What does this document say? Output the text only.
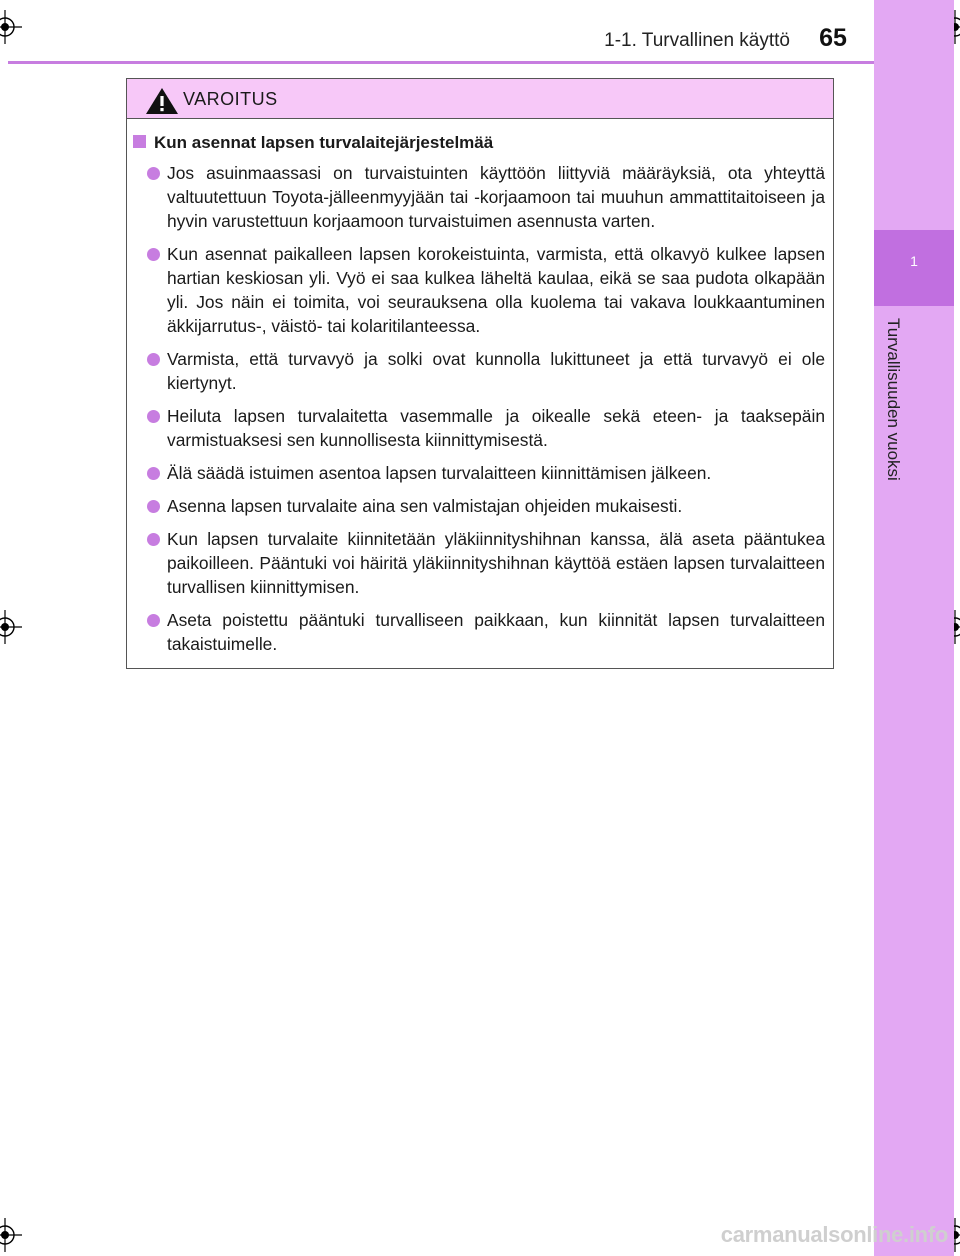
1
Turvallisuuden vuoksi
1-1. Turvallinen käyttö	65
VAROITUS
Kun asennat lapsen turvalaitejärjestelmää
Jos asuinmaassasi on turvaistuinten käyttöön liittyviä määräyksiä, ota yhteyttä valtuutettuun Toyota-jälleenmyyjään tai -korjaamoon tai muuhun ammattitaitoiseen ja hyvin varustettuun korjaamoon turvaistuimen asennusta varten.
Kun asennat paikalleen lapsen korokeistuinta, varmista, että olkavyö kulkee lapsen hartian keskiosan yli. Vyö ei saa kulkea läheltä kaulaa, eikä se saa pudota olkapään yli. Jos näin ei toimita, voi seurauksena olla kuolema tai vakava loukkaantuminen äkkijarrutus-, väistö- tai kolaritilanteessa.
Varmista, että turvavyö ja solki ovat kunnolla lukittuneet ja että turvavyö ei ole kiertynyt.
Heiluta lapsen turvalaitetta vasemmalle ja oikealle sekä eteen- ja taaksepäin varmistuaksesi sen kunnollisesta kiinnittymisestä.
Älä säädä istuimen asentoa lapsen turvalaitteen kiinnittämisen jälkeen.
Asenna lapsen turvalaite aina sen valmistajan ohjeiden mukaisesti.
Kun lapsen turvalaite kiinnitetään yläkiinnityshihnan kanssa, älä aseta pääntukea paikoilleen. Pääntuki voi häiritä yläkiinnityshihnan käyttöä estäen lapsen turvalaitteen turvallisen kiinnittymisen.
Aseta poistettu pääntuki turvalliseen paikkaan, kun kiinnität lapsen turvalaitteen takaistuimelle.
carmanualsonline.info
